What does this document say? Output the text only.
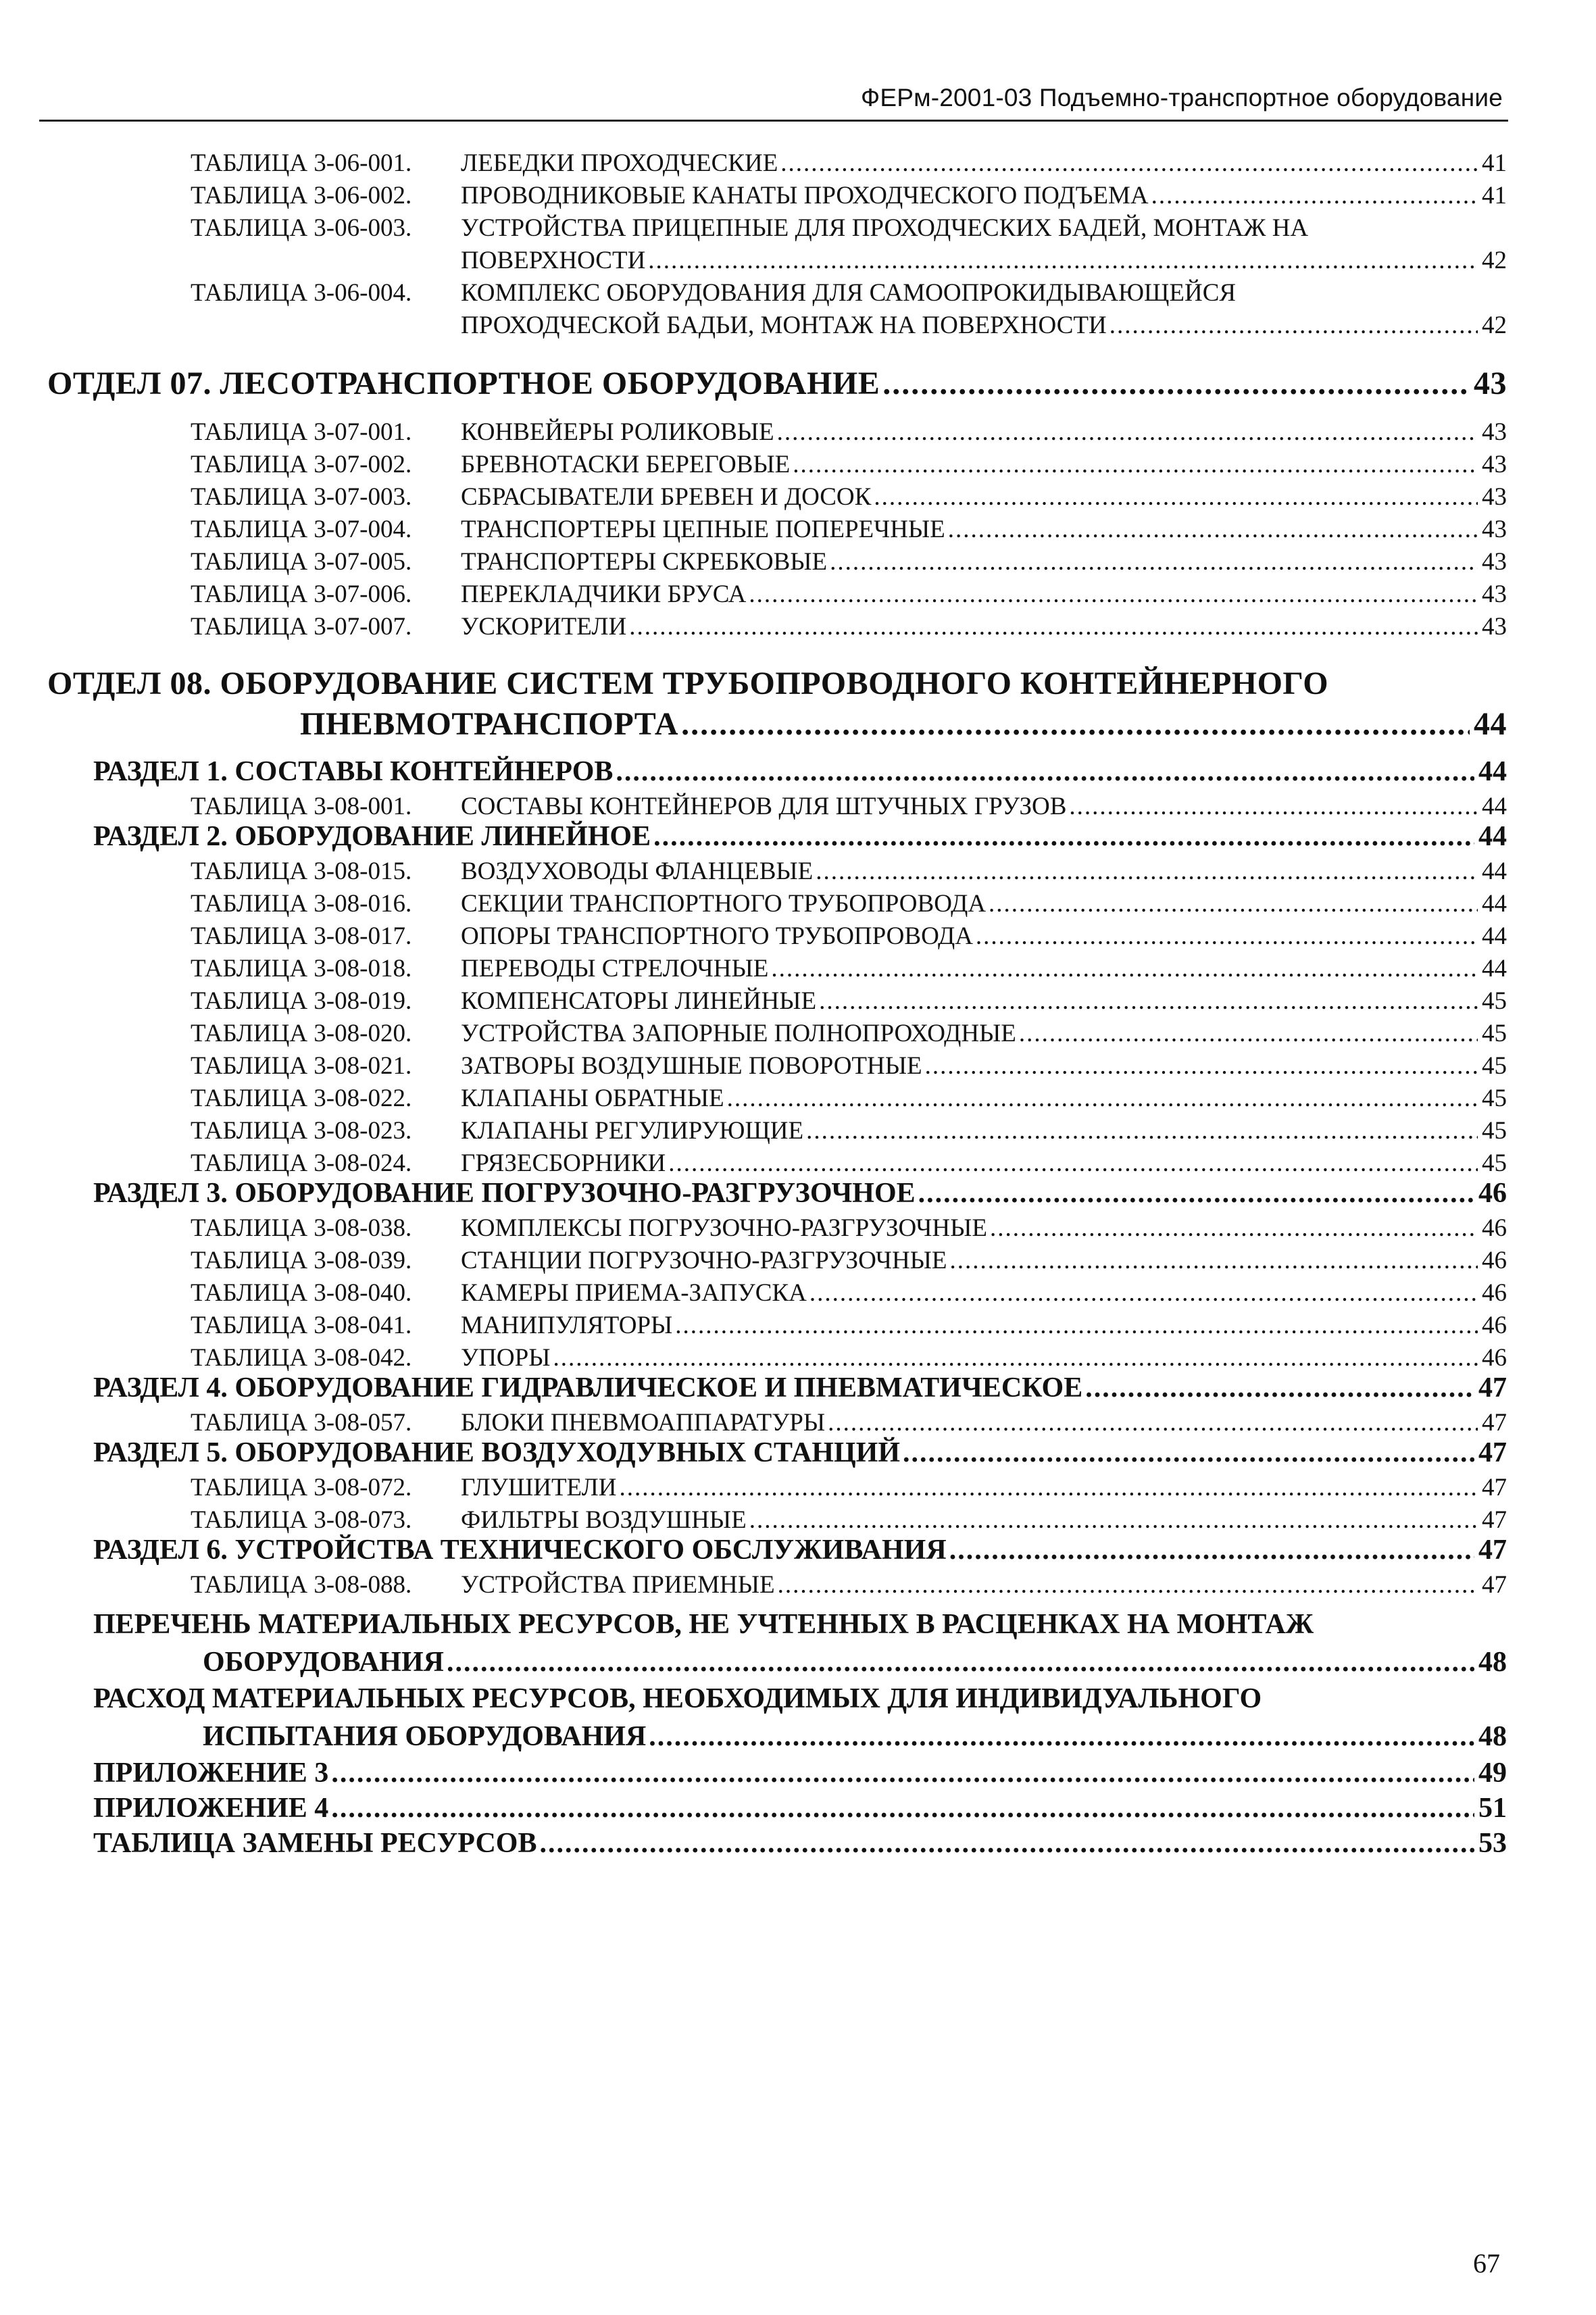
ФЕРм-2001-03 Подъемно-транспортное оборудование
ТАБЛИЦА 3-06-001.	ЛЕБЕДКИ ПРОХОДЧЕСКИЕ .....	41
ТАБЛИЦА 3-06-002.	ПРОВОДНИКОВЫЕ КАНАТЫ ПРОХОДЧЕСКОГО ПОДЪЕМА .....	41
ТАБЛИЦА 3-06-003. УСТРОЙСТВА ПРИЦЕПНЫЕ ДЛЯ ПРОХОДЧЕСКИХ БАДЕЙ, МОНТАЖ НА
ПОВЕРХНОСТИ .....	42
ТАБЛИЦА 3-06-004. КОМПЛЕКС ОБОРУДОВАНИЯ ДЛЯ САМООПРОКИДЫВАЮЩЕЙСЯ
ПРОХОДЧЕСКОЙ БАДЬИ, МОНТАЖ НА ПОВЕРХНОСТИ .....	42
ОТДЕЛ 07. ЛЕСОТРАНСПОРТНОЕ ОБОРУДОВАНИЕ .....	43
ТАБЛИЦА 3-07-001.	КОНВЕЙЕРЫ РОЛИКОВЫЕ .....	43
ТАБЛИЦА 3-07-002.	БРЕВНОТАСКИ БЕРЕГОВЫЕ .....	43
ТАБЛИЦА 3-07-003.	СБРАСЫВАТЕЛИ БРЕВЕН И ДОСОК .....	43
ТАБЛИЦА 3-07-004.	ТРАНСПОРТЕРЫ ЦЕПНЫЕ ПОПЕРЕЧНЫЕ .....	43
ТАБЛИЦА 3-07-005.	ТРАНСПОРТЕРЫ СКРЕБКОВЫЕ .....	43
ТАБЛИЦА 3-07-006.	ПЕРЕКЛАДЧИКИ БРУСА .....	43
ТАБЛИЦА 3-07-007.	УСКОРИТЕЛИ .....	43
ОТДЕЛ 08. ОБОРУДОВАНИЕ СИСТЕМ ТРУБОПРОВОДНОГО КОНТЕЙНЕРНОГО
ПНЕВМОТРАНСПОРТА .....	44
РАЗДЕЛ 1. СОСТАВЫ КОНТЕЙНЕРОВ .....	44
ТАБЛИЦА 3-08-001.	СОСТАВЫ КОНТЕЙНЕРОВ ДЛЯ ШТУЧНЫХ ГРУЗОВ .....	44
РАЗДЕЛ 2. ОБОРУДОВАНИЕ ЛИНЕЙНОЕ .....	44
ТАБЛИЦА 3-08-015.	ВОЗДУХОВОДЫ ФЛАНЦЕВЫЕ .....	44
ТАБЛИЦА 3-08-016.	СЕКЦИИ ТРАНСПОРТНОГО ТРУБОПРОВОДА .....	44
ТАБЛИЦА 3-08-017.	ОПОРЫ ТРАНСПОРТНОГО ТРУБОПРОВОДА .....	44
ТАБЛИЦА 3-08-018.	ПЕРЕВОДЫ СТРЕЛОЧНЫЕ .....	44
ТАБЛИЦА 3-08-019.	КОМПЕНСАТОРЫ ЛИНЕЙНЫЕ .....	45
ТАБЛИЦА 3-08-020.	УСТРОЙСТВА ЗАПОРНЫЕ ПОЛНОПРОХОДНЫЕ .....	45
ТАБЛИЦА 3-08-021.	ЗАТВОРЫ ВОЗДУШНЫЕ ПОВОРОТНЫЕ .....	45
ТАБЛИЦА 3-08-022.	КЛАПАНЫ ОБРАТНЫЕ .....	45
ТАБЛИЦА 3-08-023.	КЛАПАНЫ РЕГУЛИРУЮЩИЕ .....	45
ТАБЛИЦА 3-08-024.	ГРЯЗЕСБОРНИКИ .....	45
РАЗДЕЛ 3. ОБОРУДОВАНИЕ ПОГРУЗОЧНО-РАЗГРУЗОЧНОЕ .....	46
ТАБЛИЦА 3-08-038.	КОМПЛЕКСЫ ПОГРУЗОЧНО-РАЗГРУЗОЧНЫЕ .....	46
ТАБЛИЦА 3-08-039.	СТАНЦИИ ПОГРУЗОЧНО-РАЗГРУЗОЧНЫЕ .....	46
ТАБЛИЦА 3-08-040.	КАМЕРЫ ПРИЕМА-ЗАПУСКА .....	46
ТАБЛИЦА 3-08-041.	МАНИПУЛЯТОРЫ .....	46
ТАБЛИЦА 3-08-042.	УПОРЫ .....	46
РАЗДЕЛ 4. ОБОРУДОВАНИЕ ГИДРАВЛИЧЕСКОЕ И ПНЕВМАТИЧЕСКОЕ .....	47
ТАБЛИЦА 3-08-057.	БЛОКИ ПНЕВМОАППАРАТУРЫ .....	47
РАЗДЕЛ 5. ОБОРУДОВАНИЕ ВОЗДУХОДУВНЫХ СТАНЦИЙ .....	47
ТАБЛИЦА 3-08-072.	ГЛУШИТЕЛИ .....	47
ТАБЛИЦА 3-08-073.	ФИЛЬТРЫ ВОЗДУШНЫЕ .....	47
РАЗДЕЛ 6. УСТРОЙСТВА ТЕХНИЧЕСКОГО ОБСЛУЖИВАНИЯ .....	47
ТАБЛИЦА 3-08-088.	УСТРОЙСТВА ПРИЕМНЫЕ .....	47
ПЕРЕЧЕНЬ МАТЕРИАЛЬНЫХ РЕСУРСОВ, НЕ УЧТЕННЫХ В РАСЦЕНКАХ НА МОНТАЖ
ОБОРУДОВАНИЯ .....	48
РАСХОД МАТЕРИАЛЬНЫХ РЕСУРСОВ, НЕОБХОДИМЫХ ДЛЯ ИНДИВИДУАЛЬНОГО
ИСПЫТАНИЯ ОБОРУДОВАНИЯ .....	48
ПРИЛОЖЕНИЕ 3 .....	49
ПРИЛОЖЕНИЕ 4 .....	51
ТАБЛИЦА ЗАМЕНЫ РЕСУРСОВ .....	53
67
